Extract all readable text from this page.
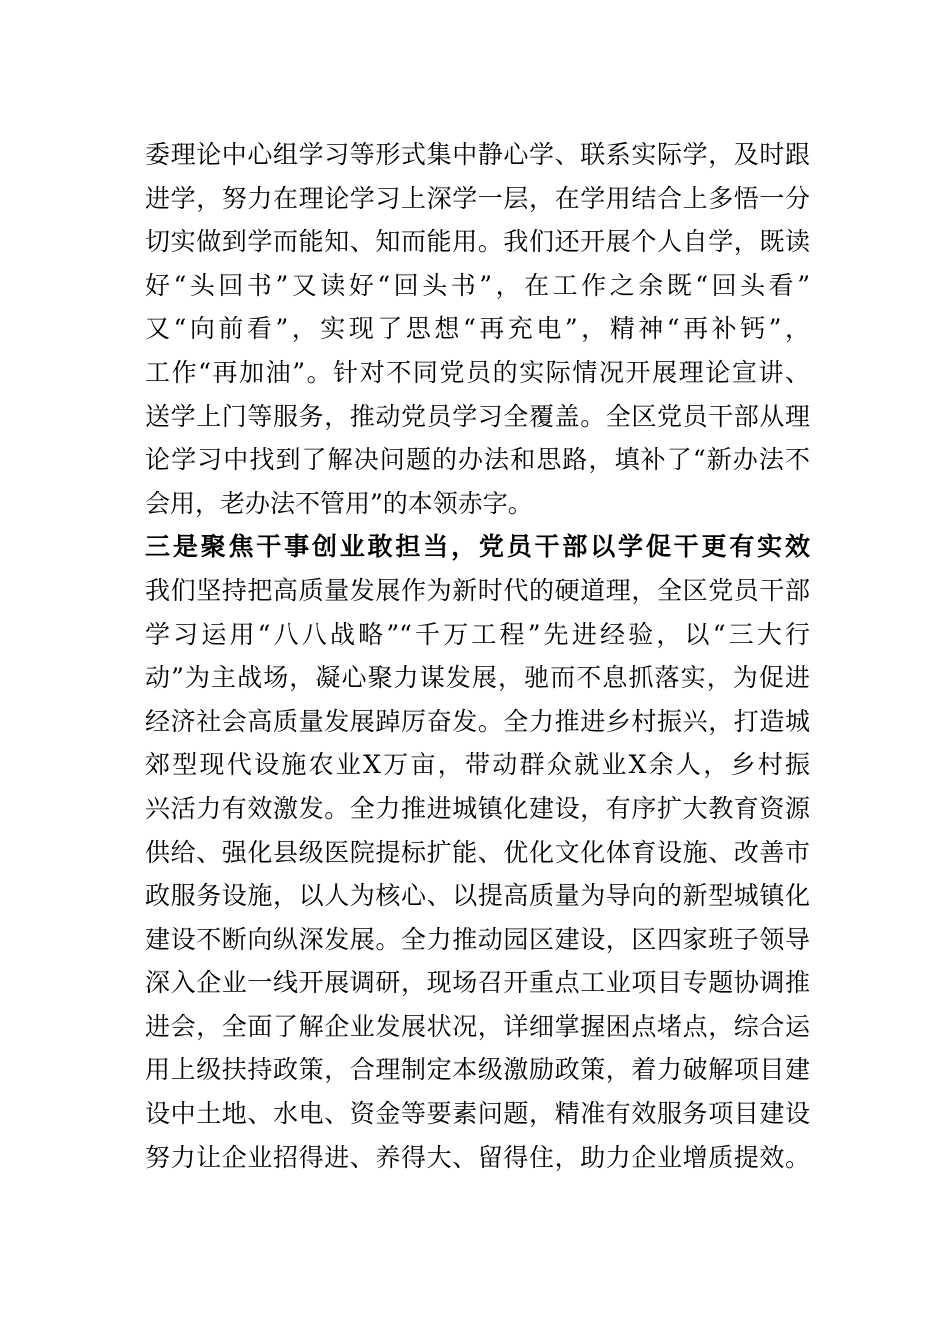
委理论中心组学习等形式集中静心学、联系实际学，及时跟
进学，努力在理论学习上深学一层，在学用结合上多悟一分
切实做到学而能知、知而能用。我们还开展个人自学，既读
好“头回书”又读好“回头书”，在工作之余既“回头看”
又“向前看”，实现了思想“再充电”，精神“再补钙”，
工作“再加油”。针对不同党员的实际情况开展理论宣讲、
送学上门等服务，推动党员学习全覆盖。全区党员干部从理
论学习中找到了解决问题的办法和思路，填补了“新办法不
会用，老办法不管用”的本领赤字。
三是聚焦干事创业敢担当，党员干部以学促干更有实效
我们坚持把高质量发展作为新时代的硬道理，全区党员干部
学习运用“八八战略”“千万工程”先进经验，以“三大行
动”为主战场，凝心聚力谋发展，驰而不息抓落实，为促进
经济社会高质量发展踔厉奋发。全力推进乡村振兴，打造城
郊型现代设施农业X万亩，带动群众就业X余人，乡村振
兴活力有效激发。全力推进城镇化建设，有序扩大教育资源
供给、强化县级医院提标扩能、优化文化体育设施、改善市
政服务设施，以人为核心、以提高质量为导向的新型城镇化
建设不断向纵深发展。全力推动园区建设，区四家班子领导
深入企业一线开展调研，现场召开重点工业项目专题协调推
进会，全面了解企业发展状况，详细掌握困点堵点，综合运
用上级扶持政策，合理制定本级激励政策，着力破解项目建
设中土地、水电、资金等要素问题，精准有效服务项目建设
努力让企业招得进、养得大、留得住，助力企业增质提效。
